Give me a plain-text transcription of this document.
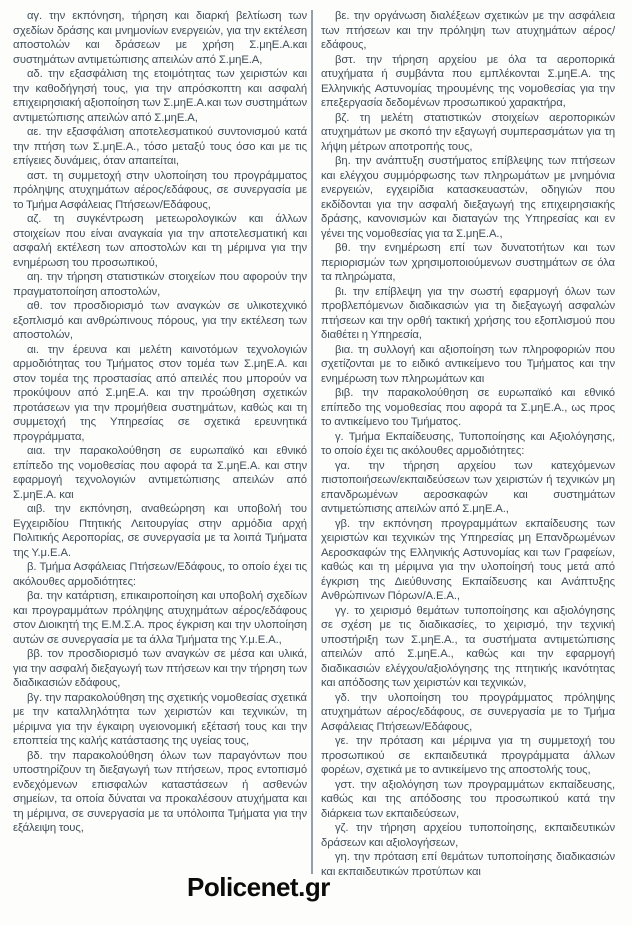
αγ. την εκπόνηση, τήρηση και διαρκή βελτίωση των σχεδίων δράσης και μνημονίων ενεργειών, για την εκτέλεση αποστολών και δράσεων με χρήση Σ.μηΕ.Α.και συστημάτων αντιμετώπισης απειλών από Σ.μηΕ.Α,

αδ. την εξασφάλιση της ετοιμότητας των χειριστών και την καθοδήγησή τους, για την απρόσκοπτη και ασφαλή επιχειρησιακή αξιοποίηση των Σ.μηΕ.Α.και των συστημάτων αντιμετώπισης απειλών από Σ.μηΕ.Α,

αε. την εξασφάλιση αποτελεσματικού συντονισμού κατά την πτήση των Σ.μηΕ.Α., τόσο μεταξύ τους όσο και με τις επίγειες δυνάμεις, όταν απαιτείται,

αστ. τη συμμετοχή στην υλοποίηση του προγράμματος πρόληψης ατυχημάτων αέρος/εδάφους, σε συνεργασία με το Τμήμα Ασφάλειας Πτήσεων/Εδάφους,

αζ. τη συγκέντρωση μετεωρολογικών και άλλων στοιχείων που είναι αναγκαία για την αποτελεσματική και ασφαλή εκτέλεση των αποστολών και τη μέριμνα για την ενημέρωση του προσωπικού,

αη. την τήρηση στατιστικών στοιχείων που αφορούν την πραγματοποίηση αποστολών,

αθ. τον προσδιορισμό των αναγκών σε υλικοτεχνικό εξοπλισμό και ανθρώπινους πόρους, για την εκτέλεση των αποστολών,

αι. την έρευνα και μελέτη καινοτόμων τεχνολογιών αρμοδιότητας του Τμήματος στον τομέα των Σ.μηΕ.Α. και στον τομέα της προστασίας από απειλές που μπορούν να προκύψουν από Σ.μηΕ.Α. και την προώθηση σχετικών προτάσεων για την προμήθεια συστημάτων, καθώς και τη συμμετοχή της Υπηρεσίας σε σχετικά ερευνητικά προγράμματα,

αια. την παρακολούθηση σε ευρωπαϊκό και εθνικό επίπεδο της νομοθεσίας που αφορά τα Σ.μηΕ.Α. και στην εφαρμογή τεχνολογιών αντιμετώπισης απειλών από Σ.μηΕ.Α. και

αιβ. την εκπόνηση, αναθεώρηση και υποβολή του Εγχειριδίου Πτητικής Λειτουργίας στην αρμόδια αρχή Πολιτικής Αεροπορίας, σε συνεργασία με τα λοιπά Τμήματα της Υ.μ.Ε.Α.

β. Τμήμα Ασφάλειας Πτήσεων/Εδάφους, το οποίο έχει τις ακόλουθες αρμοδιότητες:

βα. την κατάρτιση, επικαιροποίηση και υποβολή σχεδίων και προγραμμάτων πρόληψης ατυχημάτων αέρος/εδάφους στον Διοικητή της Ε.Μ.Σ.Α. προς έγκριση και την υλοποίηση αυτών σε συνεργασία με τα άλλα Τμήματα της Υ.μ.Ε.Α.,

ββ. τον προσδιορισμό των αναγκών σε μέσα και υλικά, για την ασφαλή διεξαγωγή των πτήσεων και την τήρηση των διαδικασιών εδάφους,

βγ. την παρακολούθηση της σχετικής νομοθεσίας σχετικά με την καταλληλότητα των χειριστών και τεχνικών, τη μέριμνα για την έγκαιρη υγειονομική εξέτασή τους και την εποπτεία της καλής κατάστασης της υγείας τους,

βδ. την παρακολούθηση όλων των παραγόντων που υποστηρίζουν τη διεξαγωγή των πτήσεων, προς εντοπισμό ενδεχόμενων επισφαλών καταστάσεων ή ασθενών σημείων, τα οποία δύναται να προκαλέσουν ατυχήματα και τη μέριμνα, σε συνεργασία με τα υπόλοιπα Τμήματα για την εξάλειψη τους,

βε. την οργάνωση διαλέξεων σχετικών με την ασφάλεια των πτήσεων και την πρόληψη των ατυχημάτων αέρος/εδάφους,

βστ. την τήρηση αρχείου με όλα τα αεροπορικά ατυχήματα ή συμβάντα που εμπλέκονται Σ.μηΕ.Α. της Ελληνικής Αστυνομίας τηρουμένης της νομοθεσίας για την επεξεργασία δεδομένων προσωπικού χαρακτήρα,

βζ. τη μελέτη στατιστικών στοιχείων αεροπορικών ατυχημάτων με σκοπό την εξαγωγή συμπερασμάτων για τη λήψη μέτρων αποτροπής τους,

βη. την ανάπτυξη συστήματος επίβλεψης των πτήσεων και ελέγχου συμμόρφωσης των πληρωμάτων με μνημόνια ενεργειών, εγχειρίδια κατασκευαστών, οδηγιών που εκδίδονται για την ασφαλή διεξαγωγή της επιχειρησιακής δράσης, κανονισμών και διαταγών της Υπηρεσίας και εν γένει της νομοθεσίας για τα Σ.μηΕ.Α.,

βθ. την ενημέρωση επί των δυνατοτήτων και των περιορισμών των χρησιμοποιούμενων συστημάτων σε όλα τα πληρώματα,

βι. την επίβλεψη για την σωστή εφαρμογή όλων των προβλεπόμενων διαδικασιών για τη διεξαγωγή ασφαλών πτήσεων και την ορθή τακτική χρήσης του εξοπλισμού που διαθέτει η Υπηρεσία,

βια. τη συλλογή και αξιοποίηση των πληροφοριών που σχετίζονται με το ειδικό αντικείμενο του Τμήματος και την ενημέρωση των πληρωμάτων και

βιβ. την παρακολούθηση σε ευρωπαϊκό και εθνικό επίπεδο της νομοθεσίας που αφορά τα Σ.μηΕ.Α., ως προς το αντικείμενο του Τμήματος.

γ. Τμήμα Εκπαίδευσης, Τυποποίησης και Αξιολόγησης, το οποίο έχει τις ακόλουθες αρμοδιότητες:

γα. την τήρηση αρχείου των κατεχόμενων πιστοποιήσεων/εκπαιδεύσεων των χειριστών ή τεχνικών μη επανδρωμένων αεροσκαφών και συστημάτων αντιμετώπισης απειλών από Σ.μηΕ.Α.,

γβ. την εκπόνηση προγραμμάτων εκπαίδευσης των χειριστών και τεχνικών της Υπηρεσίας μη Επανδρωμένων Αεροσκαφών της Ελληνικής Αστυνομίας και των Γραφείων, καθώς και τη μέριμνα για την υλοποίησή τους μετά από έγκριση της Διεύθυνσης Εκπαίδευσης και Ανάπτυξης Ανθρώπινων Πόρων/Α.Ε.Α.,

γγ. το χειρισμό θεμάτων τυποποίησης και αξιολόγησης σε σχέση με τις διαδικασίες, το χειρισμό, την τεχνική υποστήριξη των Σ.μηΕ.Α., τα συστήματα αντιμετώπισης απειλών από Σ.μηΕ.Α., καθώς και την εφαρμογή διαδικασιών ελέγχου/αξιολόγησης της πτητικής ικανότητας και απόδοσης των χειριστών και τεχνικών,

γδ. την υλοποίηση του προγράμματος πρόληψης ατυχημάτων αέρος/εδάφους, σε συνεργασία με το Τμήμα Ασφάλειας Πτήσεων/Εδάφους,

γε. την πρόταση και μέριμνα για τη συμμετοχή του προσωπικού σε εκπαιδευτικά προγράμματα άλλων φορέων, σχετικά με το αντικείμενο της αποστολής τους,

γστ. την αξιολόγηση των προγραμμάτων εκπαίδευσης, καθώς και της απόδοσης του προσωπικού κατά την διάρκεια των εκπαιδεύσεων,

γζ. την τήρηση αρχείου τυποποίησης, εκπαιδευτικών δράσεων και αξιολογήσεων,

γη. την πρόταση επί θεμάτων τυποποίησης διαδικασιών και εκπαιδευτικών προτύπων και

Policenet.gr
